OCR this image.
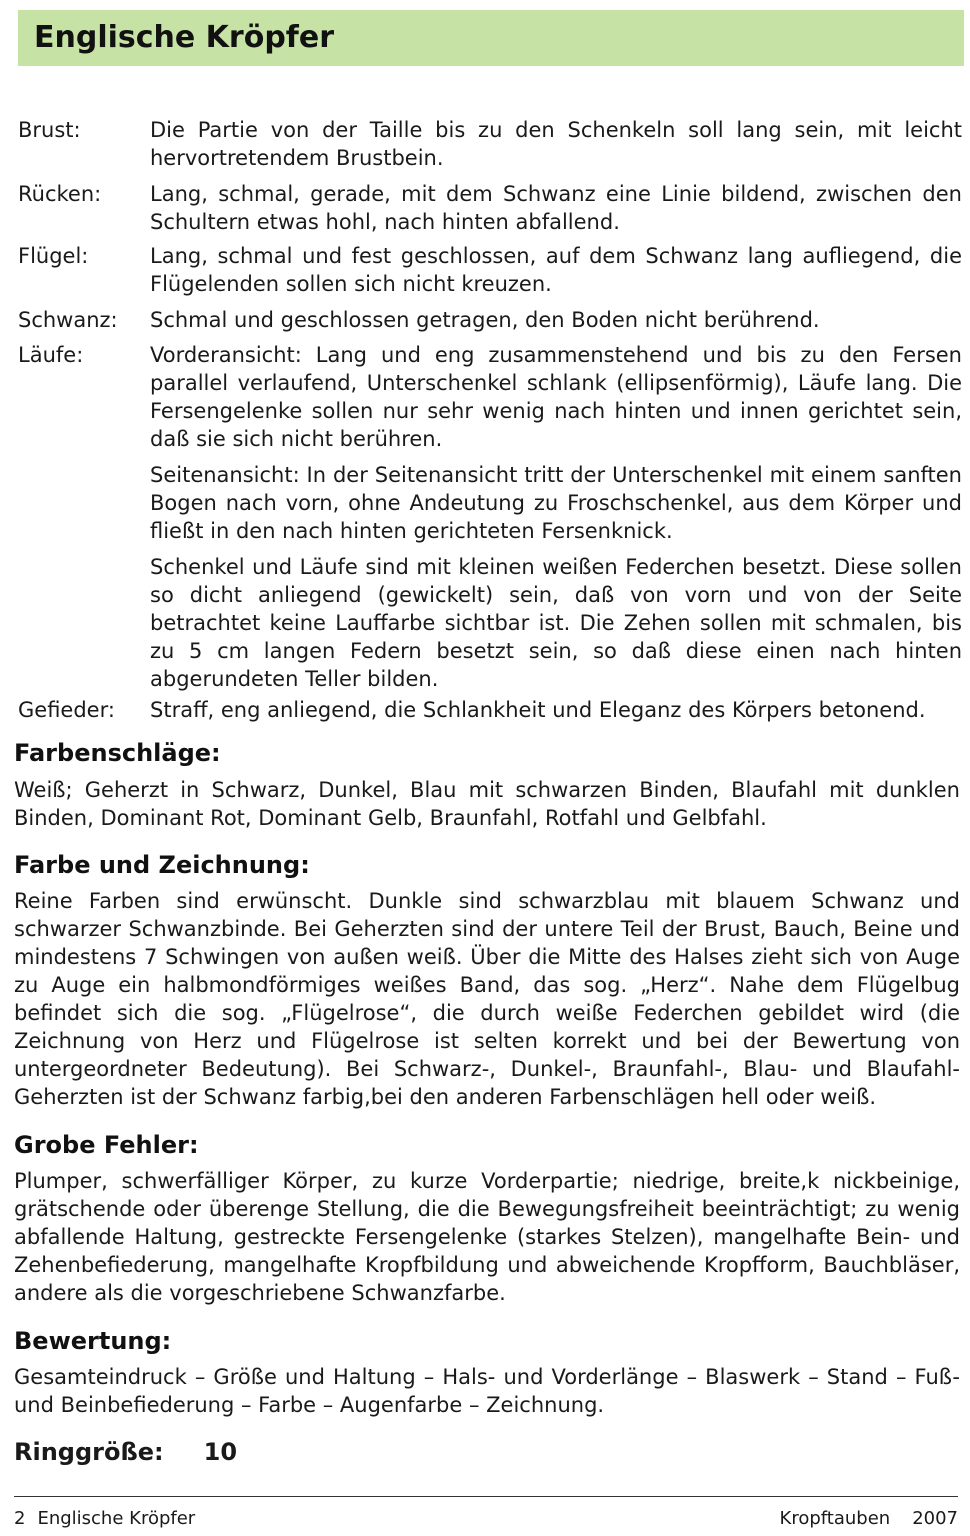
Englische Kröpfer
Brust:	Die Partie von der Taille bis zu den Schenkeln soll lang sein, mit leicht hervortretendem Brustbein.

Rücken:	Lang, schmal, gerade, mit dem Schwanz eine Linie bildend, zwischen den Schultern etwas hohl, nach hinten abfallend.

Flügel:	Lang, schmal und fest geschlossen, auf dem Schwanz lang aufliegend, die Flügelenden sollen sich nicht kreuzen.

Schwanz:	Schmal und geschlossen getragen, den Boden nicht berührend.

Läufe:	Vorderansicht: Lang und eng zusammenstehend und bis zu den Fersen parallel verlaufend, Unterschenkel schlank (ellipsenförmig), Läufe lang. Die Fersengelenke sollen nur sehr wenig nach hinten und innen gerichtet sein, daß sie sich nicht berühren.

Seitenansicht: In der Seitenansicht tritt der Unterschenkel mit einem sanften Bogen nach vorn, ohne Andeutung zu Froschschenkel, aus dem Körper und fließt in den nach hinten gerichteten Fersenknick.

Schenkel und Läufe sind mit kleinen weißen Federchen besetzt. Diese sollen so dicht anliegend (gewickelt) sein, daß von vorn und von der Seite betrachtet keine Lauffarbe sichtbar ist. Die Zehen sollen mit schmalen, bis zu 5 cm langen Federn besetzt sein, so daß diese einen nach hinten abgerundeten Teller bilden.

Gefieder:	Straff, eng anliegend, die Schlankheit und Eleganz des Körpers betonend.

Farbenschläge:

Weiß; Geherzt in Schwarz, Dunkel, Blau mit schwarzen Binden, Blaufahl mit dunklen Binden, Dominant Rot, Dominant Gelb, Braunfahl, Rotfahl und Gelbfahl.

Farbe und Zeichnung:

Reine Farben sind erwünscht. Dunkle sind schwarzblau mit blauem Schwanz und schwarzer Schwanzbinde. Bei Geherzten sind der untere Teil der Brust, Bauch, Beine und mindestens 7 Schwingen von außen weiß. Über die Mitte des Halses zieht sich von Auge zu Auge ein halbmondförmiges weißes Band, das sog. „Herz“. Nahe dem Flügelbug befindet sich die sog. „Flügelrose“, die durch weiße Federchen gebildet wird (die Zeichnung von Herz und Flügelrose ist selten korrekt und bei der Bewertung von untergeordneter Bedeutung). Bei Schwarz-, Dunkel-, Braunfahl-, Blau- und Blaufahl-Geherzten ist der Schwanz farbig,bei den anderen Farbenschlägen hell oder weiß.

Grobe Fehler:

Plumper, schwerfälliger Körper, zu kurze Vorderpartie; niedrige, breite,k nickbeinige, grätschende oder überenge Stellung, die die Bewegungsfreiheit beeinträchtigt; zu wenig abfallende Haltung, gestreckte Fersengelenke (starkes Stelzen), mangelhafte Bein- und Zehenbefiederung, mangelhafte Kropfbildung und abweichende Kropfform, Bauchbläser, andere als die vorgeschriebene Schwanzfarbe.

Bewertung:

Gesamteindruck – Größe und Haltung – Hals- und Vorderlänge – Blaswerk – Stand – Fuß- und Beinbefiederung – Farbe – Augenfarbe – Zeichnung.

Ringgröße: 10
2 Englische Kröpfer	Kropftauben 2007
